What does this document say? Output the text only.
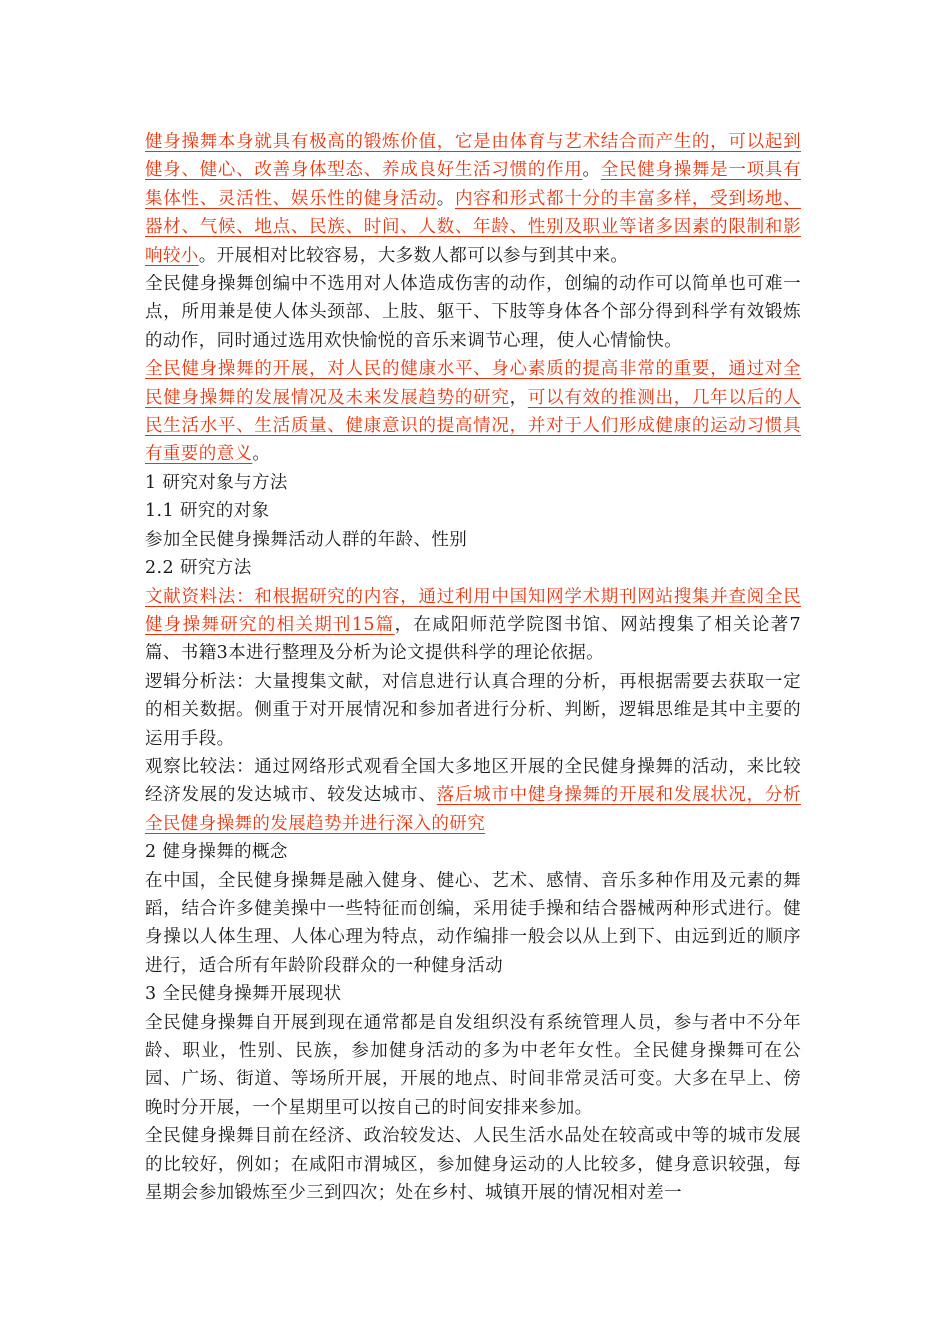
健身操舞本身就具有极高的锻炼价值，它是由体育与艺术结合而产生的，可以起到健身、健心、改善身体型态、养成良好生活习惯的作用。全民健身操舞是一项具有集体性、灵活性、娱乐性的健身活动。内容和形式都十分的丰富多样，受到场地、器材、气候、地点、民族、时间、人数、年龄、性别及职业等诸多因素的限制和影响较小。开展相对比较容易，大多数人都可以参与到其中来。
全民健身操舞创编中不选用对人体造成伤害的动作，创编的动作可以简单也可难一点，所用兼是使人体头颈部、上肢、躯干、下肢等身体各个部分得到科学有效锻炼的动作，同时通过选用欢快愉悦的音乐来调节心理，使人心情愉快。
全民健身操舞的开展，对人民的健康水平、身心素质的提高非常的重要，通过对全民健身操舞的发展情况及未来发展趋势的研究，可以有效的推测出，几年以后的人民生活水平、生活质量、健康意识的提高情况，并对于人们形成健康的运动习惯具有重要的意义。
1 研究对象与方法
1.1 研究的对象
参加全民健身操舞活动人群的年龄、性别
2.2 研究方法
文献资料法：和根据研究的内容，通过利用中国知网学术期刊网站搜集并查阅全民健身操舞研究的相关期刊15篇，在咸阳师范学院图书馆、网站搜集了相关论著7篇、书籍3本进行整理及分析为论文提供科学的理论依据。
逻辑分析法：大量搜集文献，对信息进行认真合理的分析，再根据需要去获取一定的相关数据。侧重于对开展情况和参加者进行分析、判断，逻辑思维是其中主要的运用手段。
观察比较法：通过网络形式观看全国大多地区开展的全民健身操舞的活动，来比较经济发展的发达城市、较发达城市、落后城市中健身操舞的开展和发展状况，分析全民健身操舞的发展趋势并进行深入的研究
2 健身操舞的概念
在中国，全民健身操舞是融入健身、健心、艺术、感情、音乐多种作用及元素的舞蹈，结合许多健美操中一些特征而创编，采用徒手操和结合器械两种形式进行。健身操以人体生理、人体心理为特点，动作编排一般会以从上到下、由远到近的顺序进行，适合所有年龄阶段群众的一种健身活动
3 全民健身操舞开展现状
全民健身操舞自开展到现在通常都是自发组织没有系统管理人员，参与者中不分年龄、职业，性别、民族，参加健身活动的多为中老年女性。全民健身操舞可在公园、广场、街道、等场所开展，开展的地点、时间非常灵活可变。大多在早上、傍晚时分开展，一个星期里可以按自己的时间安排来参加。
全民健身操舞目前在经济、政治较发达、人民生活水品处在较高或中等的城市发展的比较好，例如；在咸阳市渭城区，参加健身运动的人比较多，健身意识较强，每星期会参加锻炼至少三到四次；处在乡村、城镇开展的情况相对差一
